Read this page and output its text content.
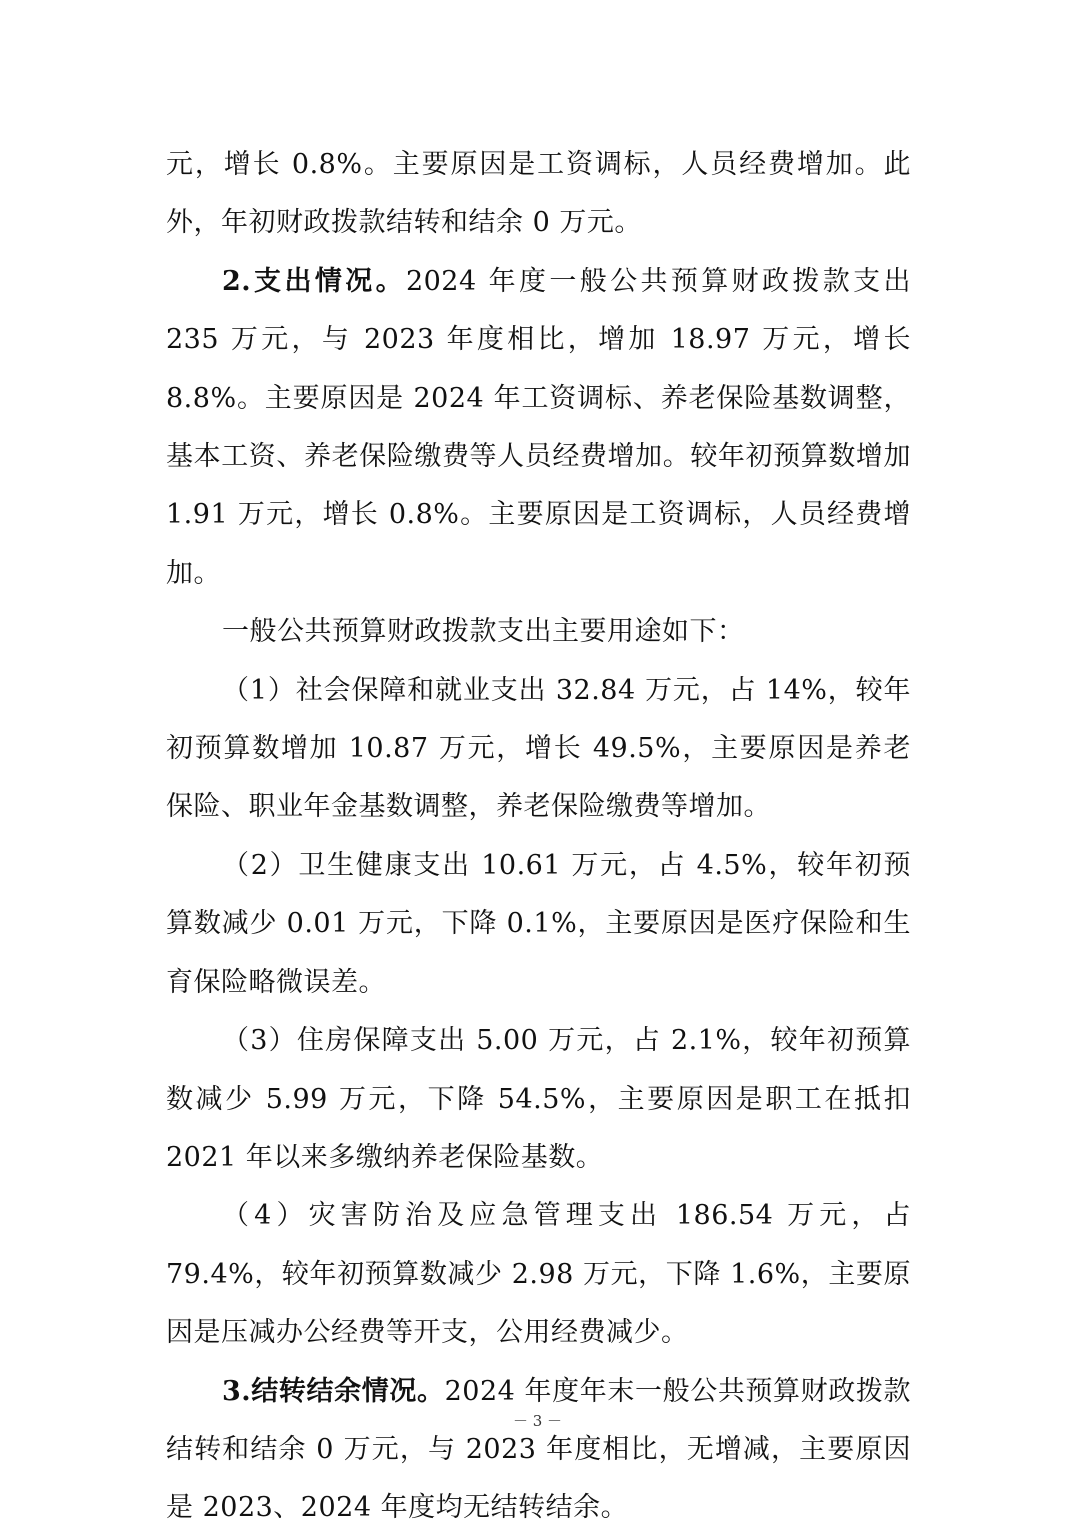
元，增长 0.8%。主要原因是工资调标，人员经费增加。此外，年初财政拨款结转和结余 0 万元。

2.支出情况。2024 年度一般公共预算财政拨款支出 235 万元，与 2023 年度相比，增加 18.97 万元，增长 8.8%。主要原因是 2024 年工资调标、养老保险基数调整，基本工资、养老保险缴费等人员经费增加。较年初预算数增加 1.91 万元，增长 0.8%。主要原因是工资调标，人员经费增加。

一般公共预算财政拨款支出主要用途如下：

（1）社会保障和就业支出 32.84 万元，占 14%，较年初预算数增加 10.87 万元，增长 49.5%，主要原因是养老保险、职业年金基数调整，养老保险缴费等增加。

（2）卫生健康支出 10.61 万元，占 4.5%，较年初预算数减少 0.01 万元，下降 0.1%，主要原因是医疗保险和生育保险略微误差。

（3）住房保障支出 5.00 万元，占 2.1%，较年初预算数减少 5.99 万元，下降 54.5%，主要原因是职工在抵扣 2021 年以来多缴纳养老保险基数。

（4）灾害防治及应急管理支出 186.54 万元，占 79.4%，较年初预算数减少 2.98 万元，下降 1.6%，主要原因是压减办公经费等开支，公用经费减少。

3.结转结余情况。2024 年度年末一般公共预算财政拨款结转和结余 0 万元，与 2023 年度相比，无增减，主要原因是 2023、2024 年度均无结转结余。

－ 3 －
